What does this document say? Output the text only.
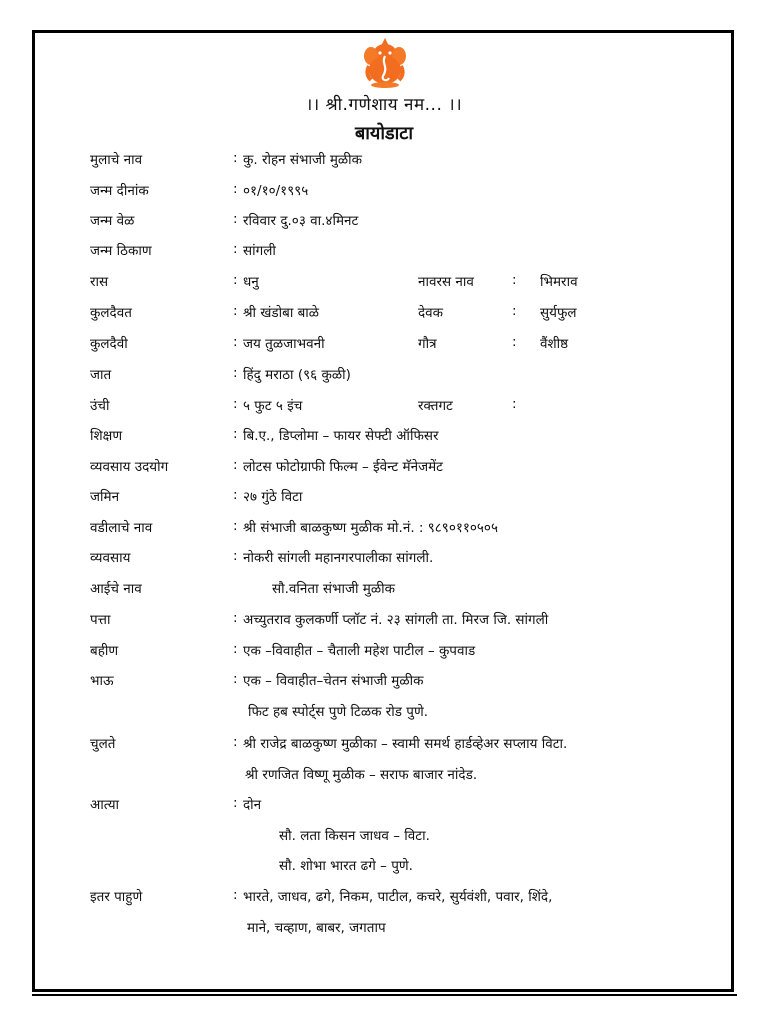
।। श्री.गणेशाय नम... ।।
बायोडाटा
मुलाचे नाव	: कु. रोहन संभाजी मुळीक
जन्म दीनांक	: ०१/१०/१९९५
जन्म वेळ	: रविवार दु.०३ वा.४मिनट
जन्म ठिकाण	: सांगली
रास	: धनु	नावरस नाव	: भिमराव
कुलदैवत	: श्री खंडोबा बाळे	देवक	: सुर्यफुल
कुलदैवी	: जय तुळजाभवनी	गौत्र	: वैंशीष्ठ
जात	: हिंदु मराठा (९६ कुळी)
उंची	: ५ फुट ५ इंच	रक्तगट	:
शिक्षण	: बि.ए., डिप्लोमा – फायर सेफ्टी ऑफिसर
व्यवसाय उदयोग	: लोटस फोटोग्राफी फिल्म – ईवेन्ट मॅनेजमेंट
जमिन	: २७ गुंठे विटा
वडीलाचे नाव	: श्री संभाजी बाळकुष्ण मुळीक मो.नं. : ९८९०११०५०५
व्यवसाय	: नोकरी सांगली महानगरपालीका सांगली.
आईचे नाव	सौ.वनिता संभाजी मुळीक
पत्ता	: अच्युतराव कुलकर्णी प्लॉट नं. २३ सांगली ता. मिरज जि. सांगली
बहीण	: एक –विवाहीत – चैताली महेश पाटील – कुपवाड
भाऊ	: एक – विवाहीत–चेतन संभाजी मुळीक
फिट हब स्पोर्ट्स पुणे टिळक रोड पुणे.
चुलते	: श्री राजेद्र बाळकुष्ण मुळीका – स्वामी समर्थ हार्डव्हेअर सप्लाय विटा.
श्री रणजित विष्णू मुळीक – सराफ बाजार नांदेड.
आत्या	: दोन
सौ. लता किसन जाधव – विटा.
सौ. शोभा भारत ढगे – पुणे.
इतर पाहुणे	: भारते, जाधव, ढगे, निकम, पाटील, कचरे, सुर्यवंशी, पवार, शिंदे,
माने, चव्हाण, बाबर, जगताप
